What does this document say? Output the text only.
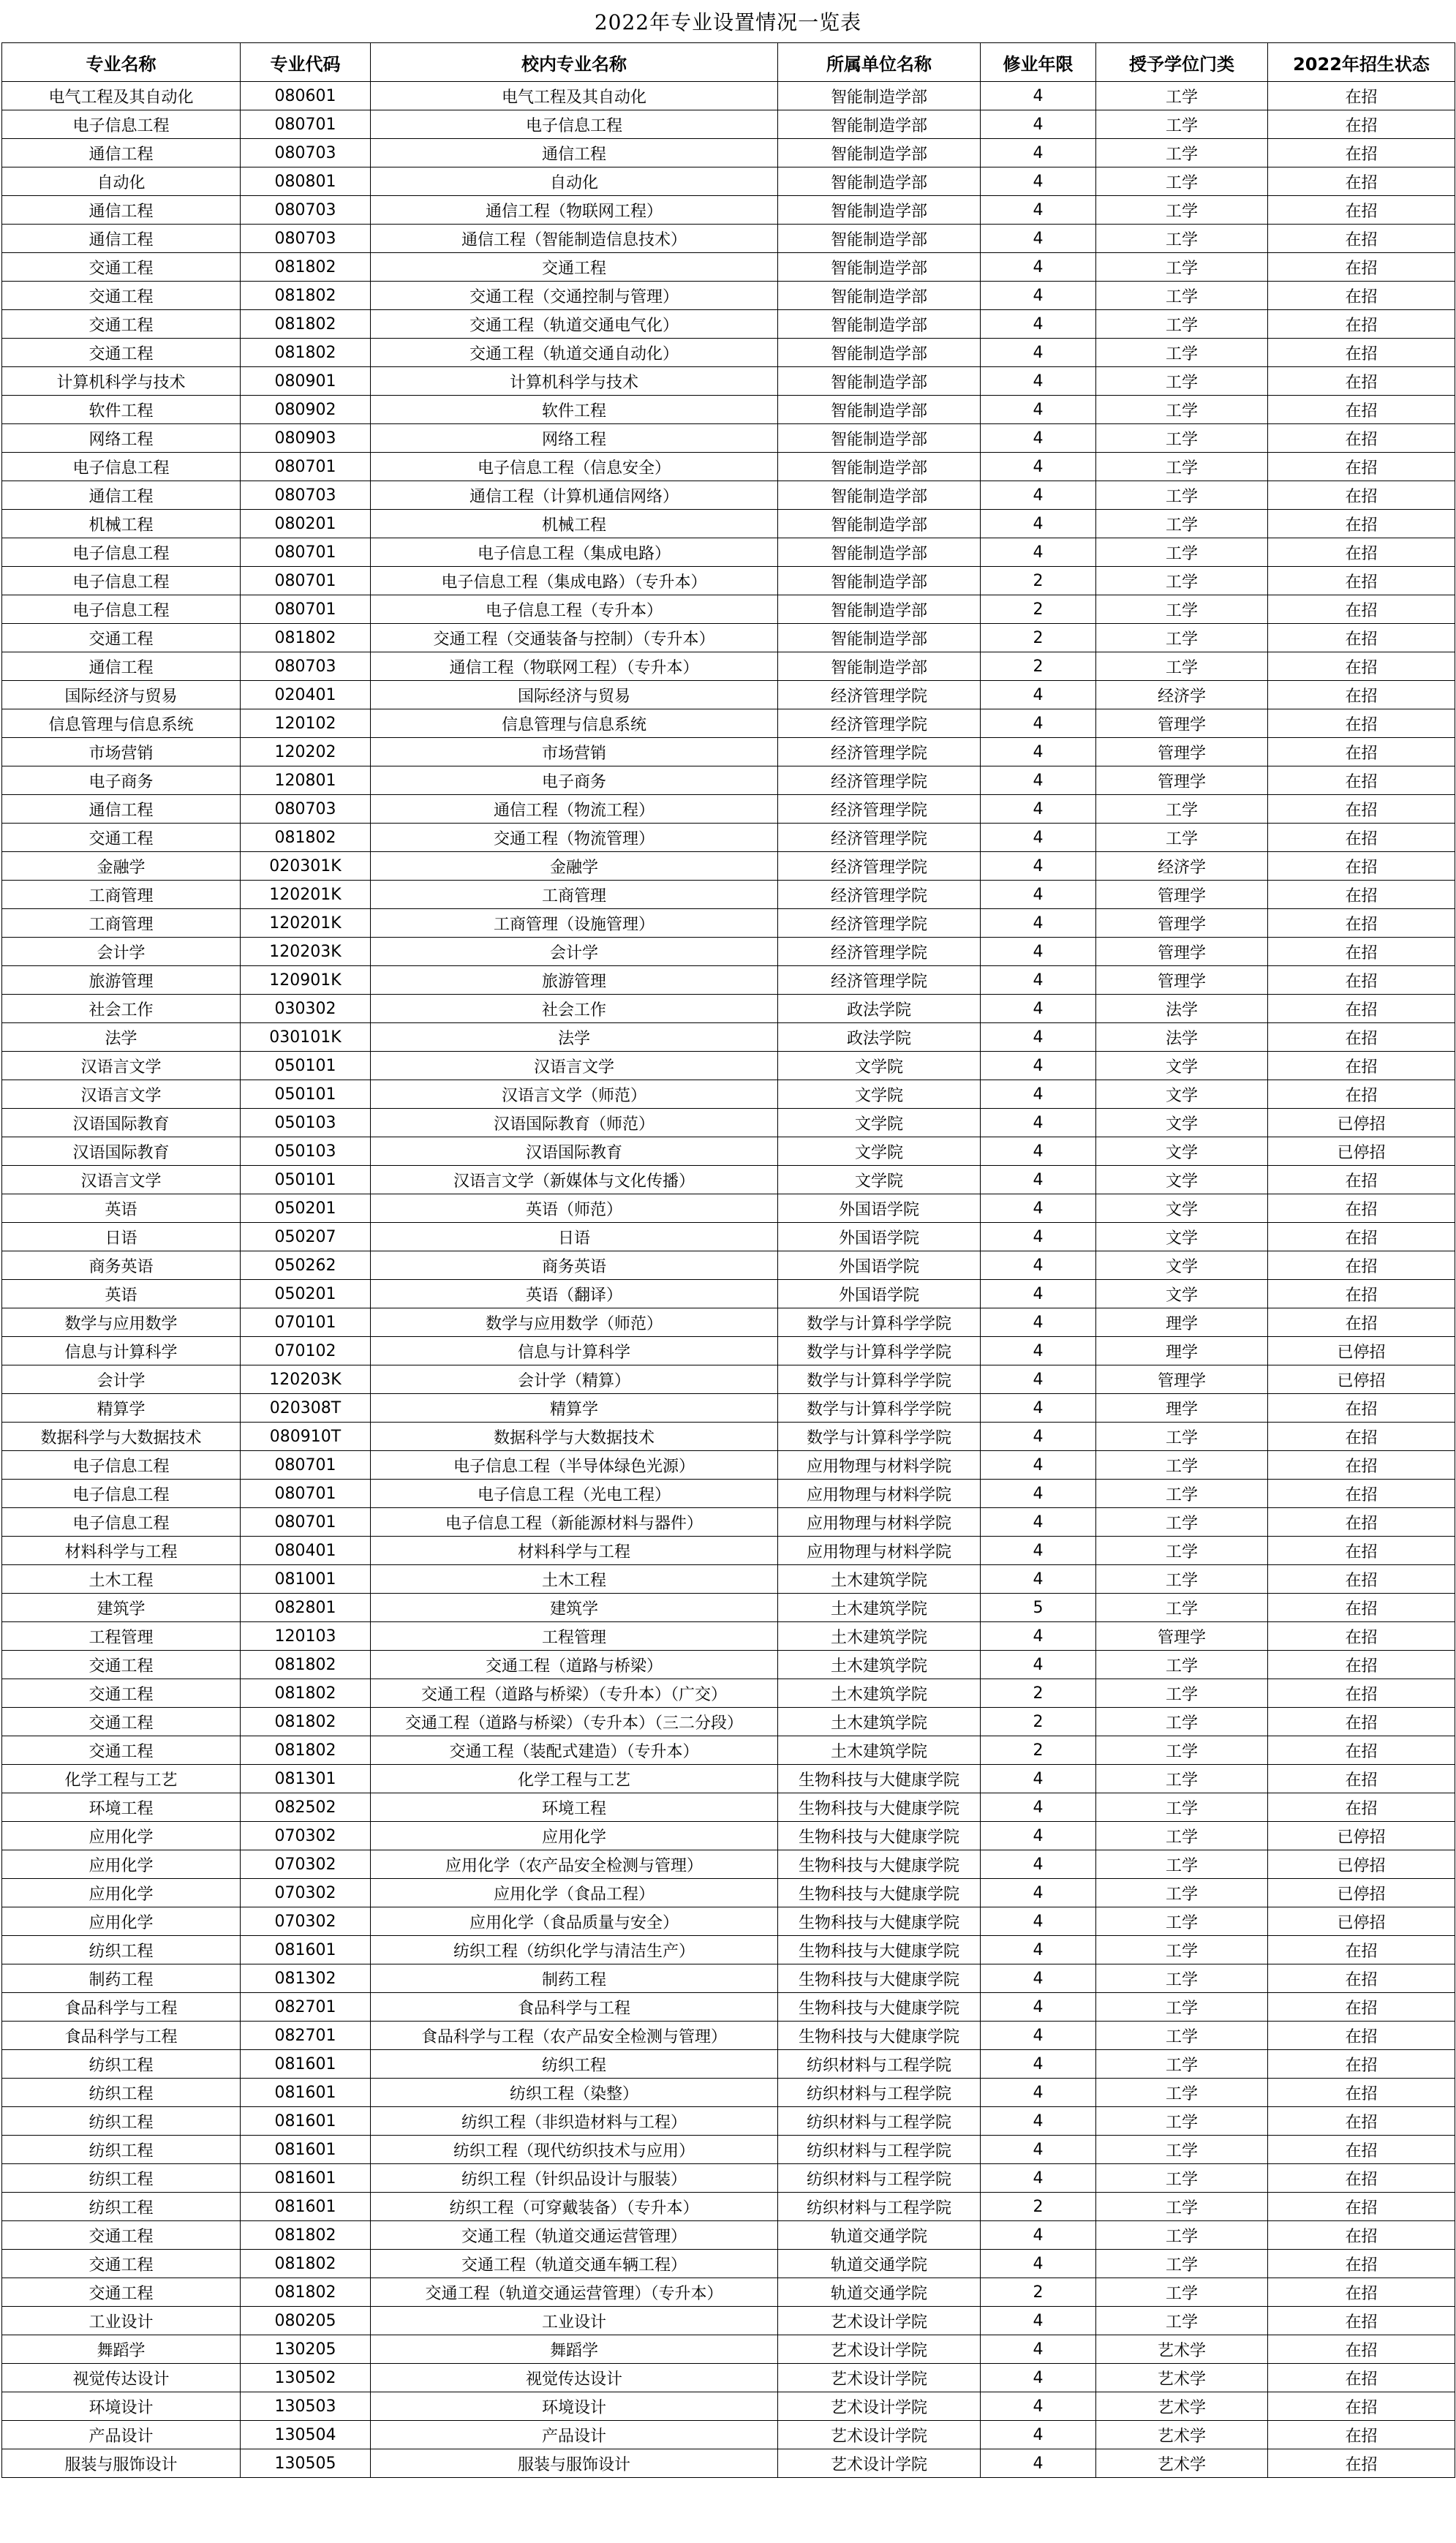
2022年专业设置情况一览表
专业名称	专业代码	校内专业名称	所属单位名称	修业年限	授予学位门类	2022年招生状态
电气工程及其自动化	080601	电气工程及其自动化	智能制造学部	4	工学	在招
电子信息工程	080701	电子信息工程	智能制造学部	4	工学	在招
通信工程	080703	通信工程	智能制造学部	4	工学	在招
自动化	080801	自动化	智能制造学部	4	工学	在招
通信工程	080703	通信工程（物联网工程）	智能制造学部	4	工学	在招
通信工程	080703	通信工程（智能制造信息技术）	智能制造学部	4	工学	在招
交通工程	081802	交通工程	智能制造学部	4	工学	在招
交通工程	081802	交通工程（交通控制与管理）	智能制造学部	4	工学	在招
交通工程	081802	交通工程（轨道交通电气化）	智能制造学部	4	工学	在招
交通工程	081802	交通工程（轨道交通自动化）	智能制造学部	4	工学	在招
计算机科学与技术	080901	计算机科学与技术	智能制造学部	4	工学	在招
软件工程	080902	软件工程	智能制造学部	4	工学	在招
网络工程	080903	网络工程	智能制造学部	4	工学	在招
电子信息工程	080701	电子信息工程（信息安全）	智能制造学部	4	工学	在招
通信工程	080703	通信工程（计算机通信网络）	智能制造学部	4	工学	在招
机械工程	080201	机械工程	智能制造学部	4	工学	在招
电子信息工程	080701	电子信息工程（集成电路）	智能制造学部	4	工学	在招
电子信息工程	080701	电子信息工程（集成电路）（专升本）	智能制造学部	2	工学	在招
电子信息工程	080701	电子信息工程（专升本）	智能制造学部	2	工学	在招
交通工程	081802	交通工程（交通装备与控制）（专升本）	智能制造学部	2	工学	在招
通信工程	080703	通信工程（物联网工程）（专升本）	智能制造学部	2	工学	在招
国际经济与贸易	020401	国际经济与贸易	经济管理学院	4	经济学	在招
信息管理与信息系统	120102	信息管理与信息系统	经济管理学院	4	管理学	在招
市场营销	120202	市场营销	经济管理学院	4	管理学	在招
电子商务	120801	电子商务	经济管理学院	4	管理学	在招
通信工程	080703	通信工程（物流工程）	经济管理学院	4	工学	在招
交通工程	081802	交通工程（物流管理）	经济管理学院	4	工学	在招
金融学	020301K	金融学	经济管理学院	4	经济学	在招
工商管理	120201K	工商管理	经济管理学院	4	管理学	在招
工商管理	120201K	工商管理（设施管理）	经济管理学院	4	管理学	在招
会计学	120203K	会计学	经济管理学院	4	管理学	在招
旅游管理	120901K	旅游管理	经济管理学院	4	管理学	在招
社会工作	030302	社会工作	政法学院	4	法学	在招
法学	030101K	法学	政法学院	4	法学	在招
汉语言文学	050101	汉语言文学	文学院	4	文学	在招
汉语言文学	050101	汉语言文学（师范）	文学院	4	文学	在招
汉语国际教育	050103	汉语国际教育（师范）	文学院	4	文学	已停招
汉语国际教育	050103	汉语国际教育	文学院	4	文学	已停招
汉语言文学	050101	汉语言文学（新媒体与文化传播）	文学院	4	文学	在招
英语	050201	英语（师范）	外国语学院	4	文学	在招
日语	050207	日语	外国语学院	4	文学	在招
商务英语	050262	商务英语	外国语学院	4	文学	在招
英语	050201	英语（翻译）	外国语学院	4	文学	在招
数学与应用数学	070101	数学与应用数学（师范）	数学与计算科学学院	4	理学	在招
信息与计算科学	070102	信息与计算科学	数学与计算科学学院	4	理学	已停招
会计学	120203K	会计学（精算）	数学与计算科学学院	4	管理学	已停招
精算学	020308T	精算学	数学与计算科学学院	4	理学	在招
数据科学与大数据技术	080910T	数据科学与大数据技术	数学与计算科学学院	4	工学	在招
电子信息工程	080701	电子信息工程（半导体绿色光源）	应用物理与材料学院	4	工学	在招
电子信息工程	080701	电子信息工程（光电工程）	应用物理与材料学院	4	工学	在招
电子信息工程	080701	电子信息工程（新能源材料与器件）	应用物理与材料学院	4	工学	在招
材料科学与工程	080401	材料科学与工程	应用物理与材料学院	4	工学	在招
土木工程	081001	土木工程	土木建筑学院	4	工学	在招
建筑学	082801	建筑学	土木建筑学院	5	工学	在招
工程管理	120103	工程管理	土木建筑学院	4	管理学	在招
交通工程	081802	交通工程（道路与桥梁）	土木建筑学院	4	工学	在招
交通工程	081802	交通工程（道路与桥梁）（专升本）（广交）	土木建筑学院	2	工学	在招
交通工程	081802	交通工程（道路与桥梁）（专升本）（三二分段）	土木建筑学院	2	工学	在招
交通工程	081802	交通工程（装配式建造）（专升本）	土木建筑学院	2	工学	在招
化学工程与工艺	081301	化学工程与工艺	生物科技与大健康学院	4	工学	在招
环境工程	082502	环境工程	生物科技与大健康学院	4	工学	在招
应用化学	070302	应用化学	生物科技与大健康学院	4	工学	已停招
应用化学	070302	应用化学（农产品安全检测与管理）	生物科技与大健康学院	4	工学	已停招
应用化学	070302	应用化学（食品工程）	生物科技与大健康学院	4	工学	已停招
应用化学	070302	应用化学（食品质量与安全）	生物科技与大健康学院	4	工学	已停招
纺织工程	081601	纺织工程（纺织化学与清洁生产）	生物科技与大健康学院	4	工学	在招
制药工程	081302	制药工程	生物科技与大健康学院	4	工学	在招
食品科学与工程	082701	食品科学与工程	生物科技与大健康学院	4	工学	在招
食品科学与工程	082701	食品科学与工程（农产品安全检测与管理）	生物科技与大健康学院	4	工学	在招
纺织工程	081601	纺织工程	纺织材料与工程学院	4	工学	在招
纺织工程	081601	纺织工程（染整）	纺织材料与工程学院	4	工学	在招
纺织工程	081601	纺织工程（非织造材料与工程）	纺织材料与工程学院	4	工学	在招
纺织工程	081601	纺织工程（现代纺织技术与应用）	纺织材料与工程学院	4	工学	在招
纺织工程	081601	纺织工程（针织品设计与服装）	纺织材料与工程学院	4	工学	在招
纺织工程	081601	纺织工程（可穿戴装备）（专升本）	纺织材料与工程学院	2	工学	在招
交通工程	081802	交通工程（轨道交通运营管理）	轨道交通学院	4	工学	在招
交通工程	081802	交通工程（轨道交通车辆工程）	轨道交通学院	4	工学	在招
交通工程	081802	交通工程（轨道交通运营管理）（专升本）	轨道交通学院	2	工学	在招
工业设计	080205	工业设计	艺术设计学院	4	工学	在招
舞蹈学	130205	舞蹈学	艺术设计学院	4	艺术学	在招
视觉传达设计	130502	视觉传达设计	艺术设计学院	4	艺术学	在招
环境设计	130503	环境设计	艺术设计学院	4	艺术学	在招
产品设计	130504	产品设计	艺术设计学院	4	艺术学	在招
服装与服饰设计	130505	服装与服饰设计	艺术设计学院	4	艺术学	在招
